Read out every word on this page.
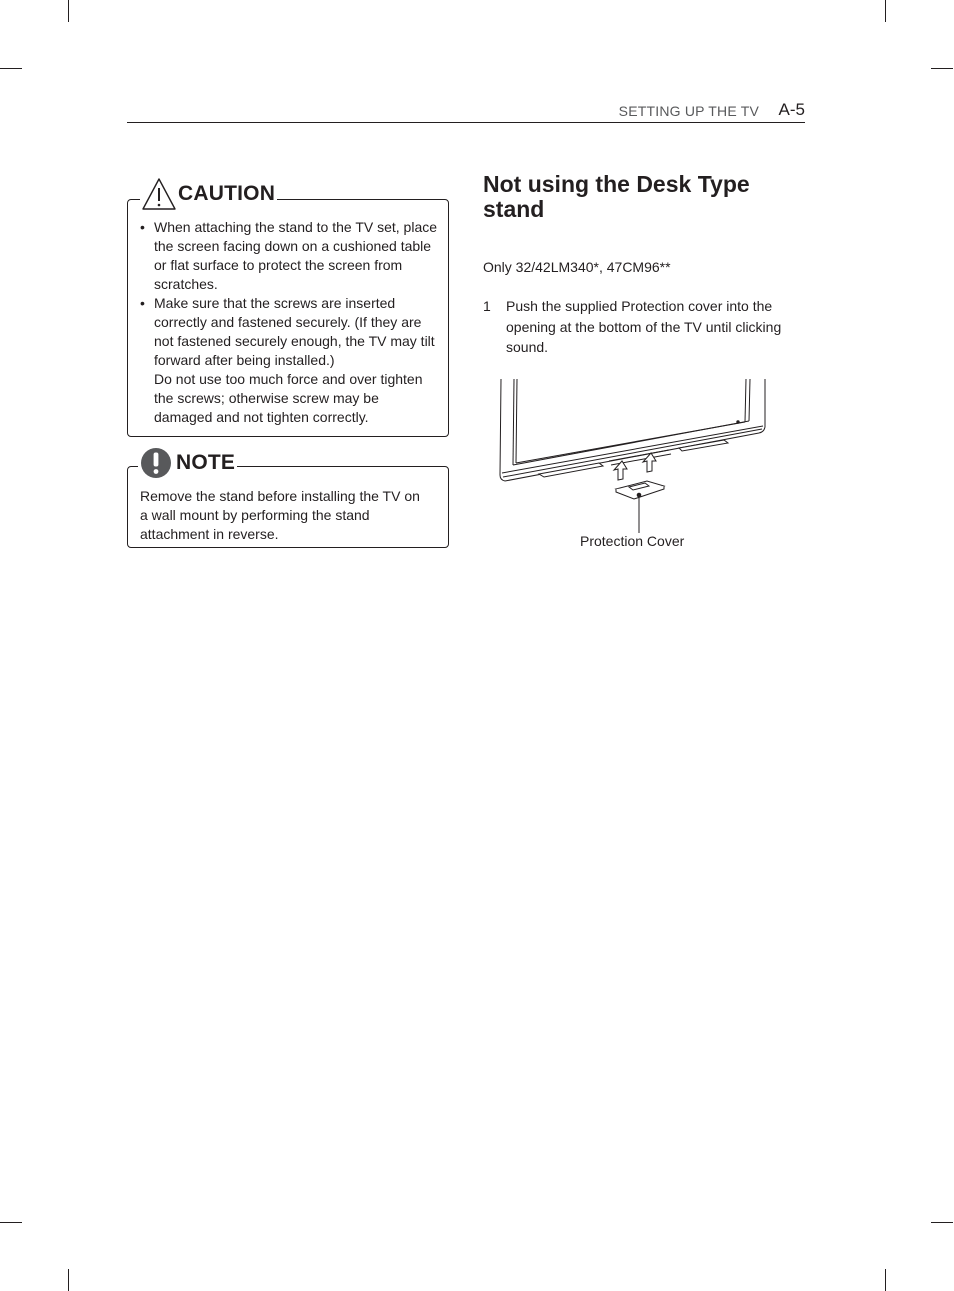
SETTING UP THE TV A-5
CAUTION

• When attaching the stand to the TV set, place the screen facing down on a cushioned table or flat surface to protect the screen from scratches.

• Make sure that the screws are inserted correctly and fastened securely. (If they are not fastened securely enough, the TV may tilt forward after being installed.)

Do not use too much force and over tighten the screws; otherwise screw may be damaged and not tighten correctly.

NOTE

Remove the stand before installing the TV on a wall mount by performing the stand attachment in reverse.

Not using the Desk Type stand

Only 32/42LM340*, 47CM96**

1 Push the supplied Protection cover into the opening at the bottom of the TV until clicking sound.

Protection Cover
